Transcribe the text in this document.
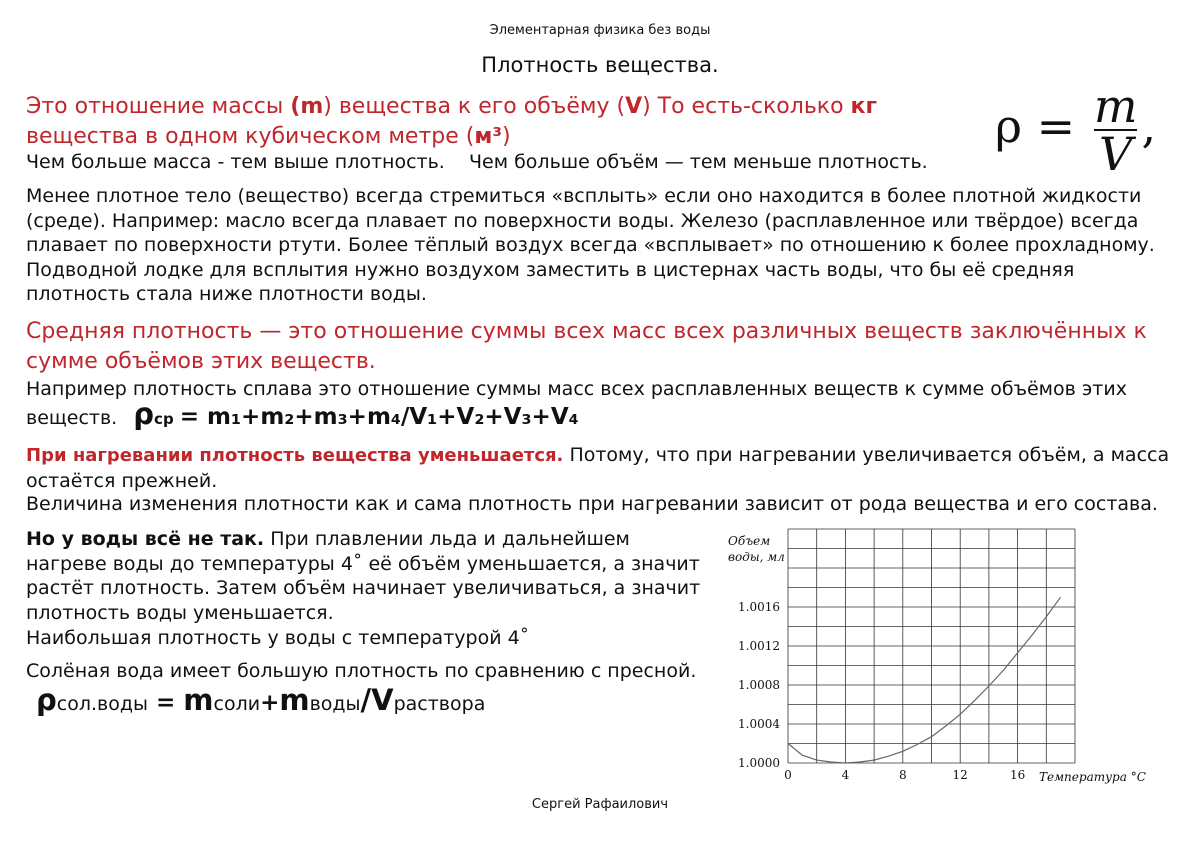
Элементарная физика без воды
Плотность вещества.
Это отношение массы (m) вещества к его объёму (V) То есть-сколько кг вещества в одном кубическом метре (м³)	$\rho = \frac{m}{V}$ ,
Чем больше масса - тем выше плотность. Чем больше объём — тем меньше плотность.
Менее плотное тело (вещество) всегда стремиться «всплыть» если оно находится в более плотной жидкости (среде). Например: масло всегда плавает по поверхности воды. Железо (расплавленное или твёрдое) всегда плавает по поверхности ртути. Более тёплый воздух всегда «всплывает» по отношению к более прохладному. Подводной лодке для всплытия нужно воздухом заместить в цистернах часть воды, что бы её средняя плотность стала ниже плотности воды.
Средняя плотность — это отношение суммы всех масс всех различных веществ заключённых к сумме объёмов этих веществ.
Например плотность сплава это отношение суммы масс всех расплавленных веществ к сумме объёмов этих веществ. ρср = m₁+m₂+m₃+m₄/V₁+V₂+V₃+V₄
При нагревании плотность вещества уменьшается. Потому, что при нагревании увеличивается объём, а масса остаётся прежней.
Величина изменения плотности как и сама плотность при нагревании зависит от рода вещества и его состава.
Но у воды всё не так. При плавлении льда и дальнейшем нагреве воды до температуры 4˚ её объём уменьшается, а значит растёт плотность. Затем объём начинает увеличиваться, а значит плотность воды уменьшается.
Наибольшая плотность у воды с температурой 4˚
Солёная вода имеет большую плотность по сравнению с пресной.
ρсол.воды = mсоли+mводы/Vраствора
0	4	8	12	16
1.0000
1.0004
1.0008
1.0012
1.0016
Объем
воды, мл
Температура °С
Сергей Рафаилович
